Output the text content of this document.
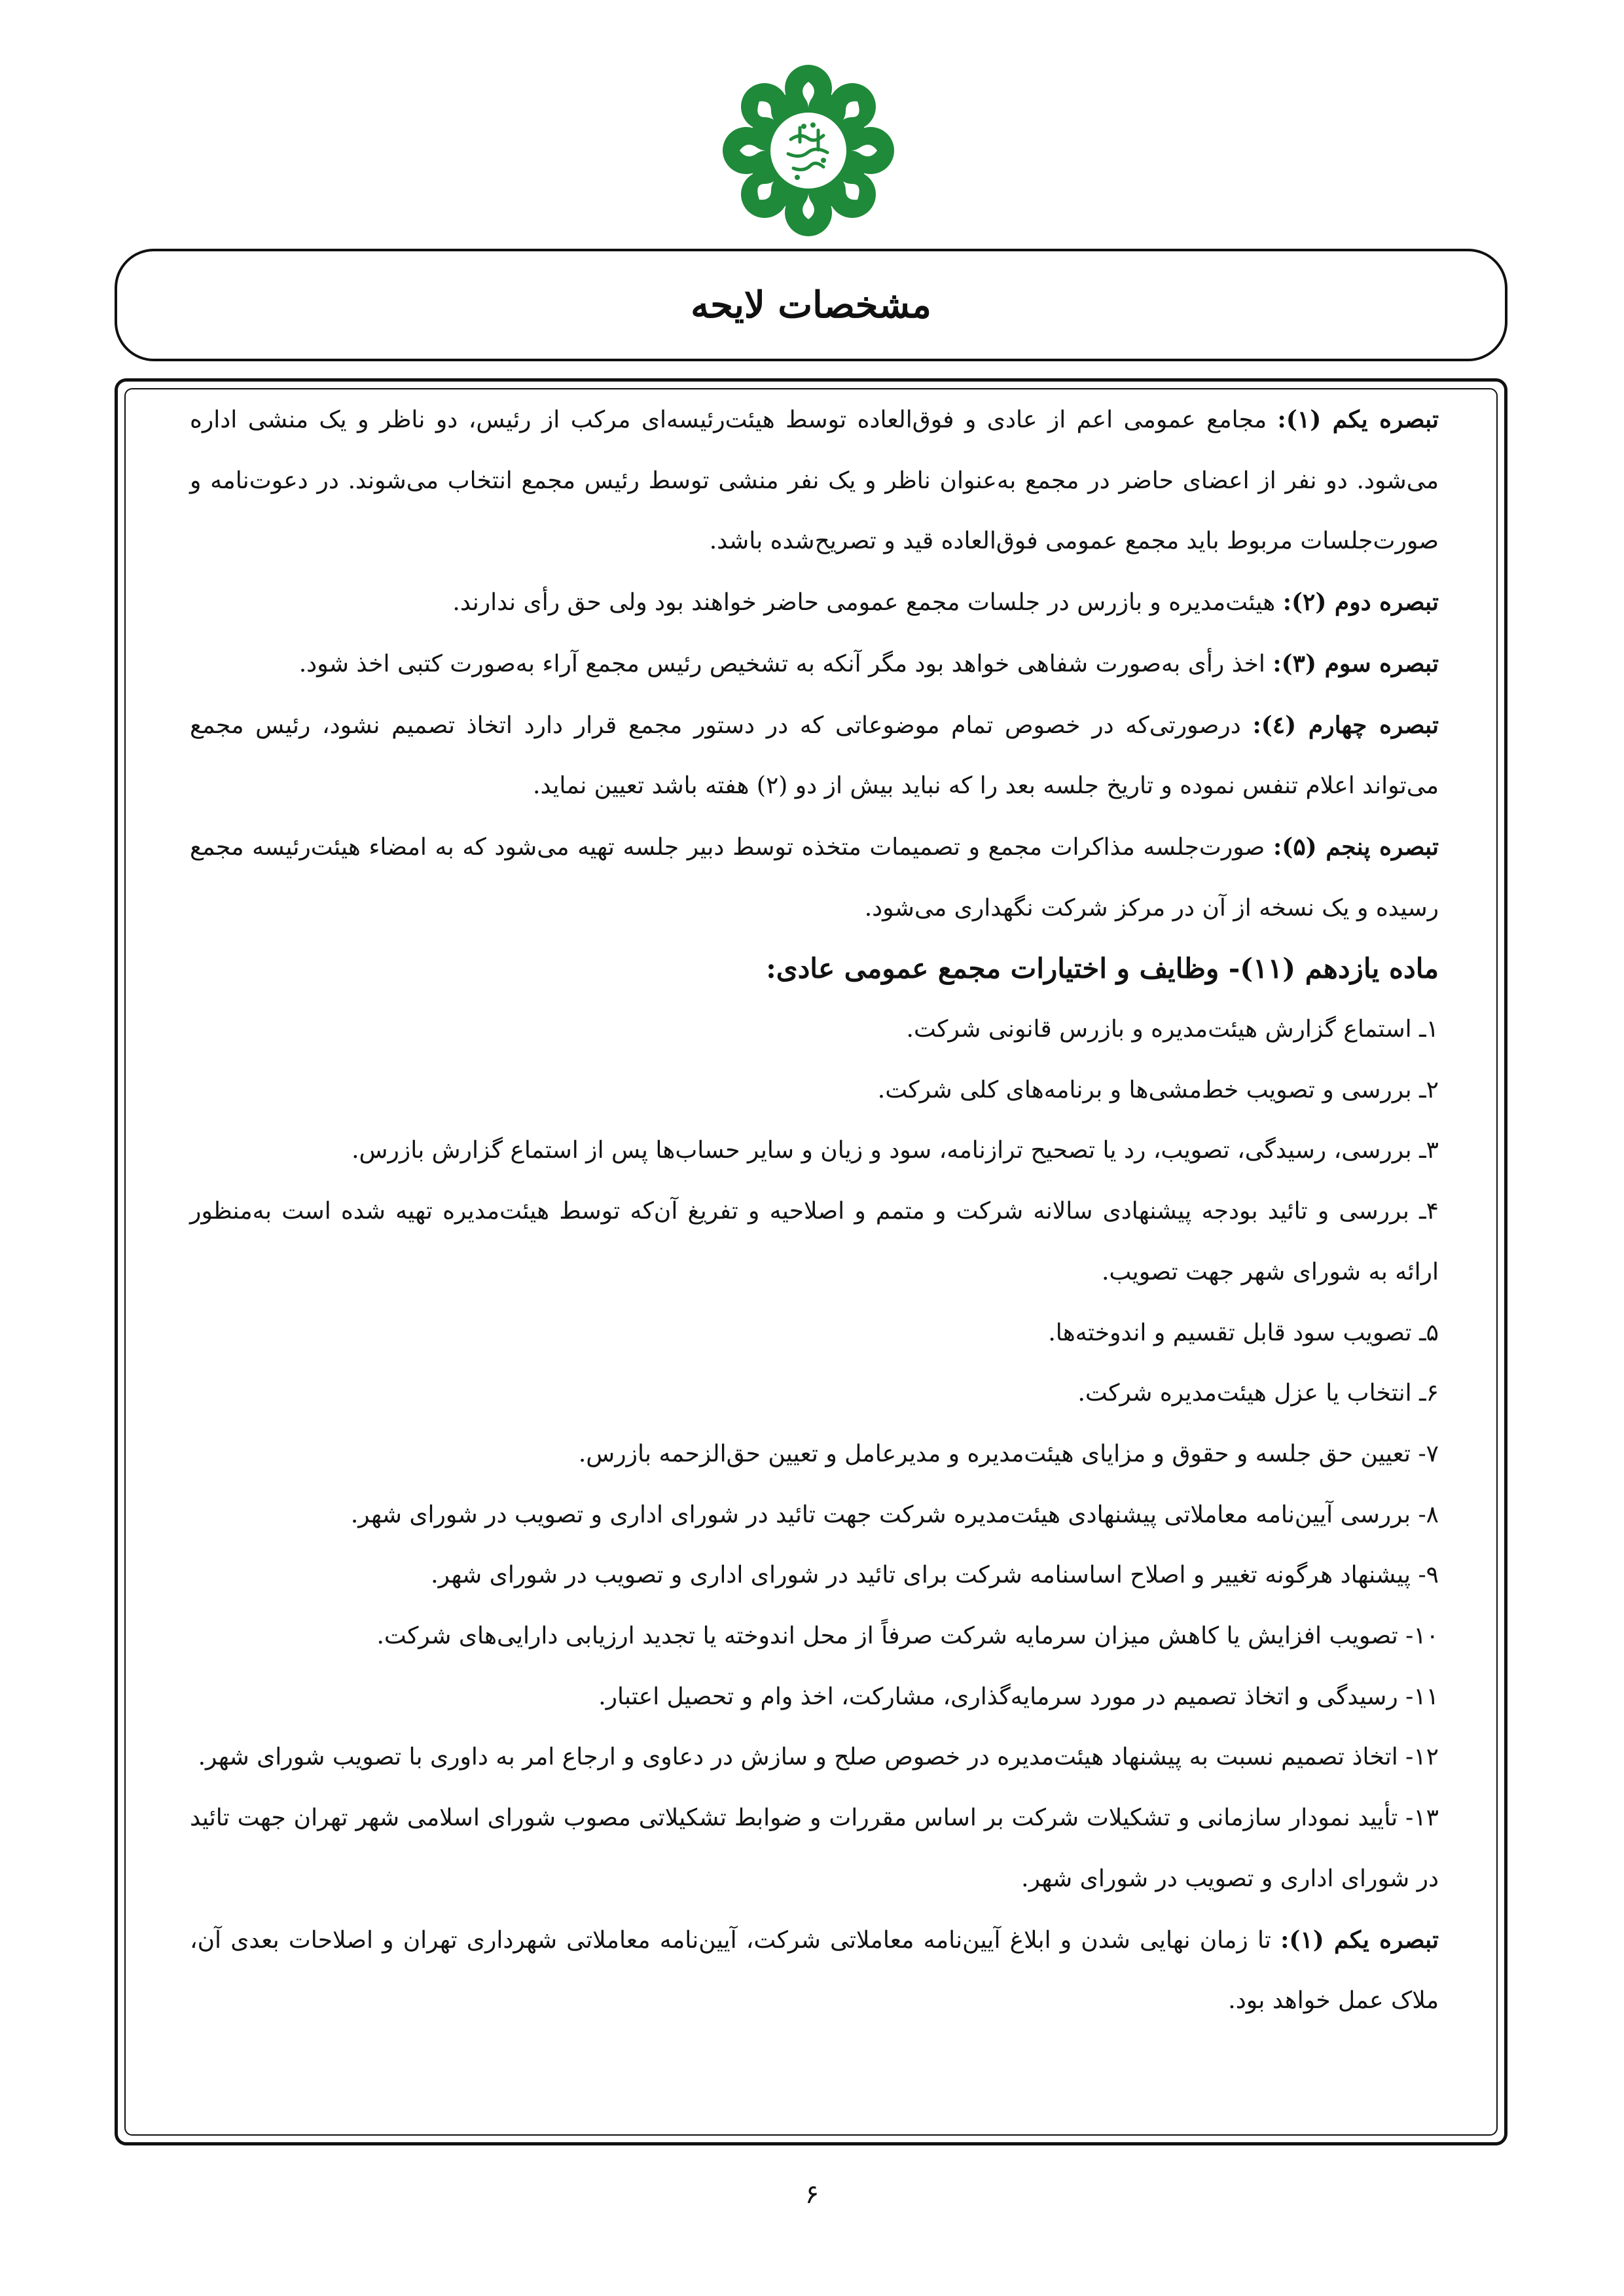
مشخصات لایحه

تبصره یکم (۱): مجامع عمومی اعم از عادی و فوق‌العاده توسط هیئت‌رئیسه‌ای مرکب از رئیس، دو ناظر و یک منشی اداره می‌شود. دو نفر از اعضای حاضر در مجمع به‌عنوان ناظر و یک نفر منشی توسط رئیس مجمع انتخاب می‌شوند. در دعوت‌نامه و صورت‌جلسات مربوط باید مجمع عمومی فوق‌العاده قید و تصریح‌شده باشد.

تبصره دوم (۲): هیئت‌مدیره و بازرس در جلسات مجمع عمومی حاضر خواهند بود ولی حق رأی ندارند.

تبصره سوم (۳): اخذ رأی به‌صورت شفاهی خواهد بود مگر آنکه به تشخیص رئیس مجمع آراء به‌صورت کتبی اخذ شود.

تبصره چهارم (٤): درصورتی‌که در خصوص تمام موضوعاتی که در دستور مجمع قرار دارد اتخاذ تصمیم نشود، رئیس مجمع می‌تواند اعلام تنفس نموده و تاریخ جلسه بعد را که نباید بیش از دو (۲) هفته باشد تعیین نماید.

تبصره پنجم (۵): صورت‌جلسه مذاکرات مجمع و تصمیمات متخذه توسط دبیر جلسه تهیه می‌شود که به امضاء هیئت‌رئیسه مجمع رسیده و یک نسخه از آن در مرکز شرکت نگهداری می‌شود.

ماده یازدهم (۱۱)- وظایف و اختیارات مجمع عمومی عادی:

۱ـ استماع گزارش هیئت‌مدیره و بازرس قانونی شرکت.

۲ـ بررسی و تصویب خط‌مشی‌ها و برنامه‌های کلی شرکت.

۳ـ بررسی، رسیدگی، تصویب، رد یا تصحیح ترازنامه، سود و زیان و سایر حساب‌ها پس از استماع گزارش بازرس.

۴ـ بررسی و تائید بودجه پیشنهادی سالانه شرکت و متمم و اصلاحیه و تفریغ آن‌که توسط هیئت‌مدیره تهیه شده است به‌منظور ارائه به شورای شهر جهت تصویب.

۵ـ تصویب سود قابل تقسیم و اندوخته‌ها.

۶ـ انتخاب یا عزل هیئت‌مدیره شرکت.

۷- تعیین حق جلسه و حقوق و مزایای هیئت‌مدیره و مدیرعامل و تعیین حق‌الزحمه بازرس.

۸- بررسی آیین‌نامه معاملاتی پیشنهادی هیئت‌مدیره شرکت جهت تائید در شورای اداری و تصویب در شورای شهر.

۹- پیشنهاد هرگونه تغییر و اصلاح اساسنامه شرکت برای تائید در شورای اداری و تصویب در شورای شهر.

۱۰- تصویب افزایش یا کاهش میزان سرمایه شرکت صرفاً از محل اندوخته یا تجدید ارزیابی دارایی‌های شرکت.

۱۱- رسیدگی و اتخاذ تصمیم در مورد سرمایه‌گذاری، مشارکت، اخذ وام و تحصیل اعتبار.

۱۲- اتخاذ تصمیم نسبت به پیشنهاد هیئت‌مدیره در خصوص صلح و سازش در دعاوی و ارجاع امر به داوری با تصویب شورای شهر.

۱۳- تأیید نمودار سازمانی و تشکیلات شرکت بر اساس مقررات و ضوابط تشکیلاتی مصوب شورای اسلامی شهر تهران جهت تائید در شورای اداری و تصویب در شورای شهر.

تبصره یکم (۱): تا زمان نهایی شدن و ابلاغ آیین‌نامه معاملاتی شرکت، آیین‌نامه معاملاتی شهرداری تهران و اصلاحات بعدی آن، ملاک عمل خواهد بود.

۶
